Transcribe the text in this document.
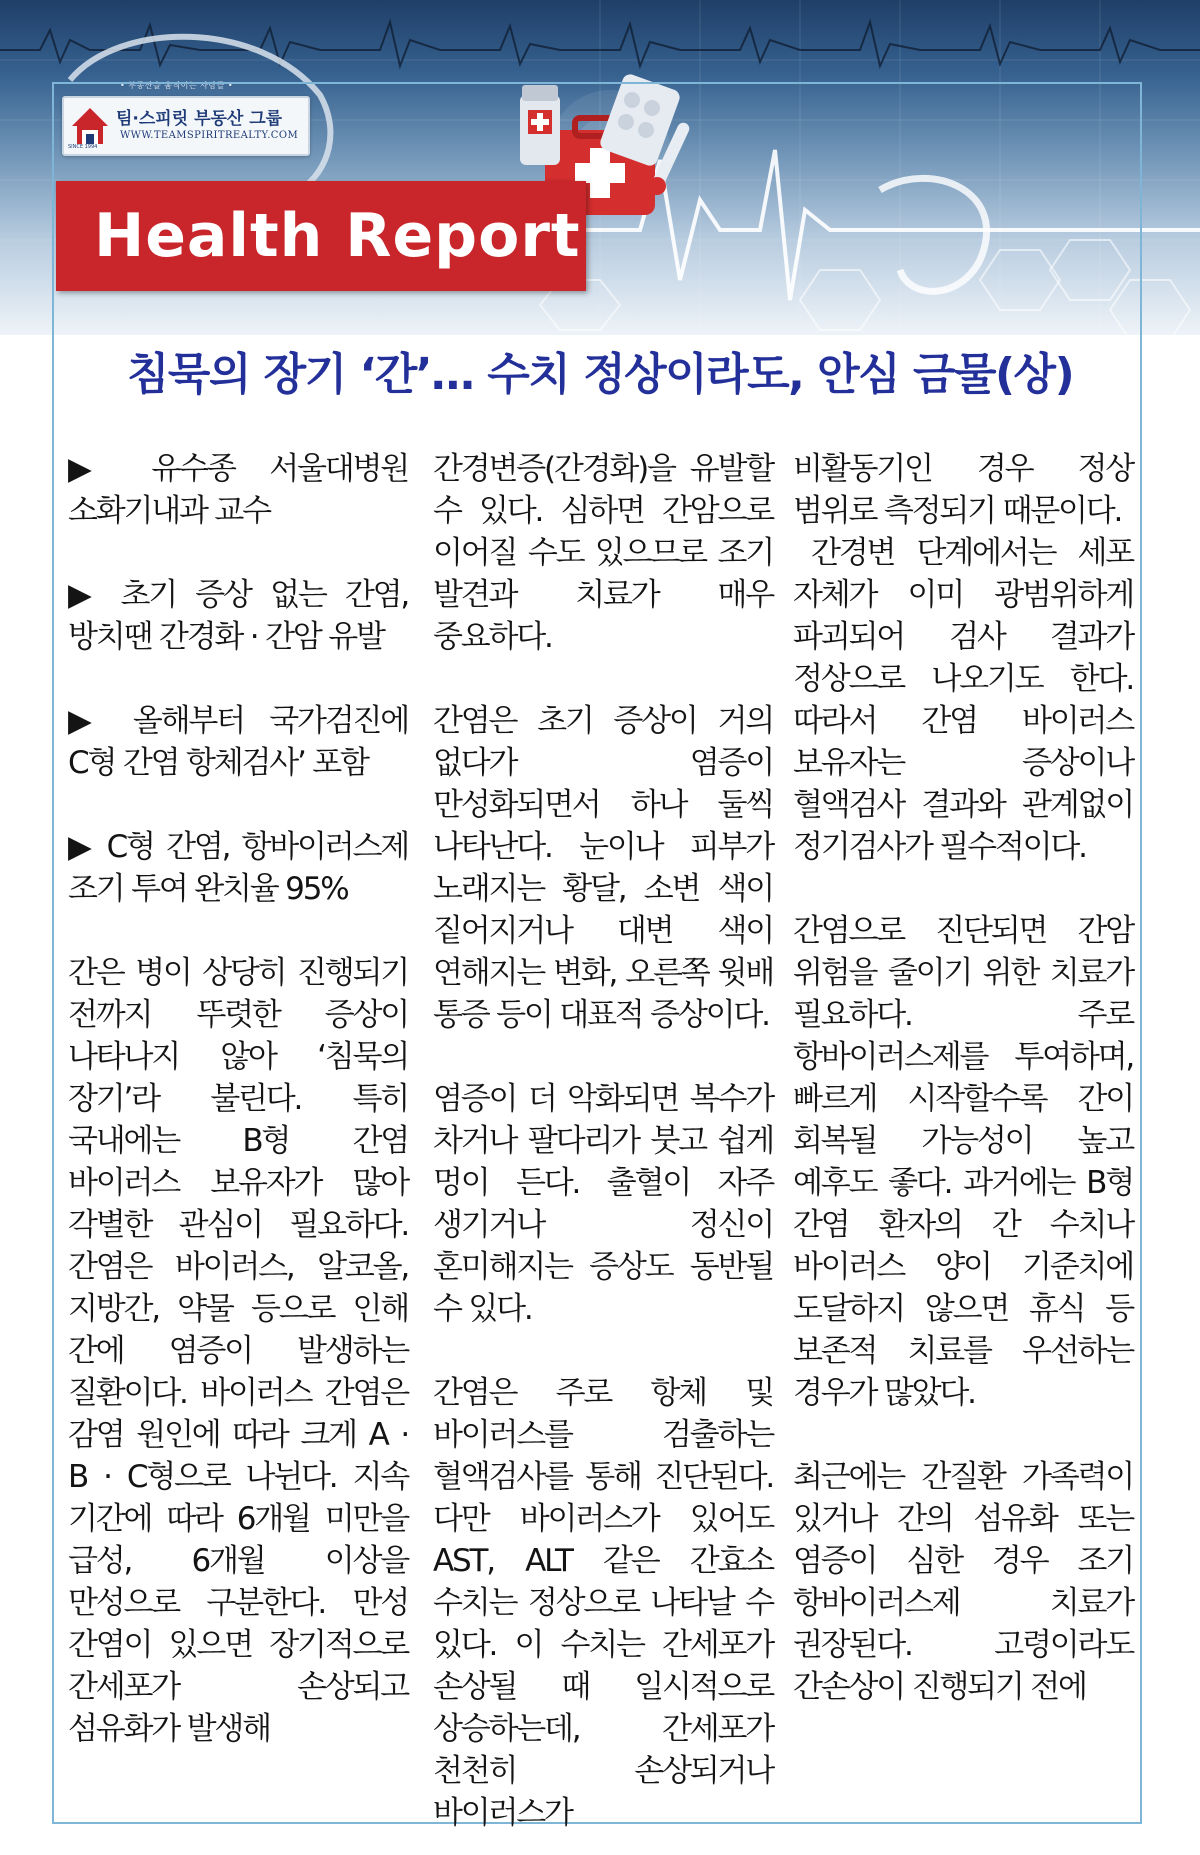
• 부동산을 움직이는 사람들 •
팀·스피릿 부동산 그룹
WWW.TEAMSPIRITREALTY.COM
SINCE 1994
Health Report
침묵의 장기 ‘간’… 수치 정상이라도, 안심 금물(상)

▶ 유수종 서울대병원 소화기내과 교수

▶ 초기 증상 없는 간염, 방치땐 간경화 · 간암 유발

▶ 올해부터 국가검진에 C형 간염 항체검사’ 포함

▶ C형 간염, 항바이러스제 조기 투여 완치율 95%

간은 병이 상당히 진행되기 전까지 뚜렷한 증상이 나타나지 않아 ‘침묵의 장기’라 불린다. 특히 국내에는 B형 간염 바이러스 보유자가 많아 각별한 관심이 필요하다. 간염은 바이러스, 알코올, 지방간, 약물 등으로 인해 간에 염증이 발생하는 질환이다. 바이러스 간염은 감염 원인에 따라 크게 A · B · C형으로 나뉜다. 지속 기간에 따라 6개월 미만을 급성, 6개월 이상을 만성으로 구분한다. 만성 간염이 있으면 장기적으로 간세포가 손상되고 섬유화가 발생해

간경변증(간경화)을 유발할 수 있다. 심하면 간암으로 이어질 수도 있으므로 조기 발견과 치료가 매우 중요하다.

간염은 초기 증상이 거의 없다가 염증이 만성화되면서 하나 둘씩 나타난다. 눈이나 피부가 노래지는 황달, 소변 색이 짙어지거나 대변 색이 연해지는 변화, 오른쪽 윗배 통증 등이 대표적 증상이다.

염증이 더 악화되면 복수가 차거나 팔다리가 붓고 쉽게 멍이 든다. 출혈이 자주 생기거나 정신이 혼미해지는 증상도 동반될 수 있다.

간염은 주로 항체 및 바이러스를 검출하는 혈액검사를 통해 진단된다. 다만 바이러스가 있어도 AST, ALT 같은 간효소 수치는 정상으로 나타날 수 있다. 이 수치는 간세포가 손상될 때 일시적으로 상승하는데, 간세포가 천천히 손상되거나 바이러스가

비활동기인 경우 정상 범위로 측정되기 때문이다.

간경변 단계에서는 세포 자체가 이미 광범위하게 파괴되어 검사 결과가 정상으로 나오기도 한다. 따라서 간염 바이러스 보유자는 증상이나 혈액검사 결과와 관계없이 정기검사가 필수적이다.

간염으로 진단되면 간암 위험을 줄이기 위한 치료가 필요하다. 주로 항바이러스제를 투여하며, 빠르게 시작할수록 간이 회복될 가능성이 높고 예후도 좋다. 과거에는 B형 간염 환자의 간 수치나 바이러스 양이 기준치에 도달하지 않으면 휴식 등 보존적 치료를 우선하는 경우가 많았다.

최근에는 간질환 가족력이 있거나 간의 섬유화 또는 염증이 심한 경우 조기 항바이러스제 치료가 권장된다. 고령이라도 간손상이 진행되기 전에
